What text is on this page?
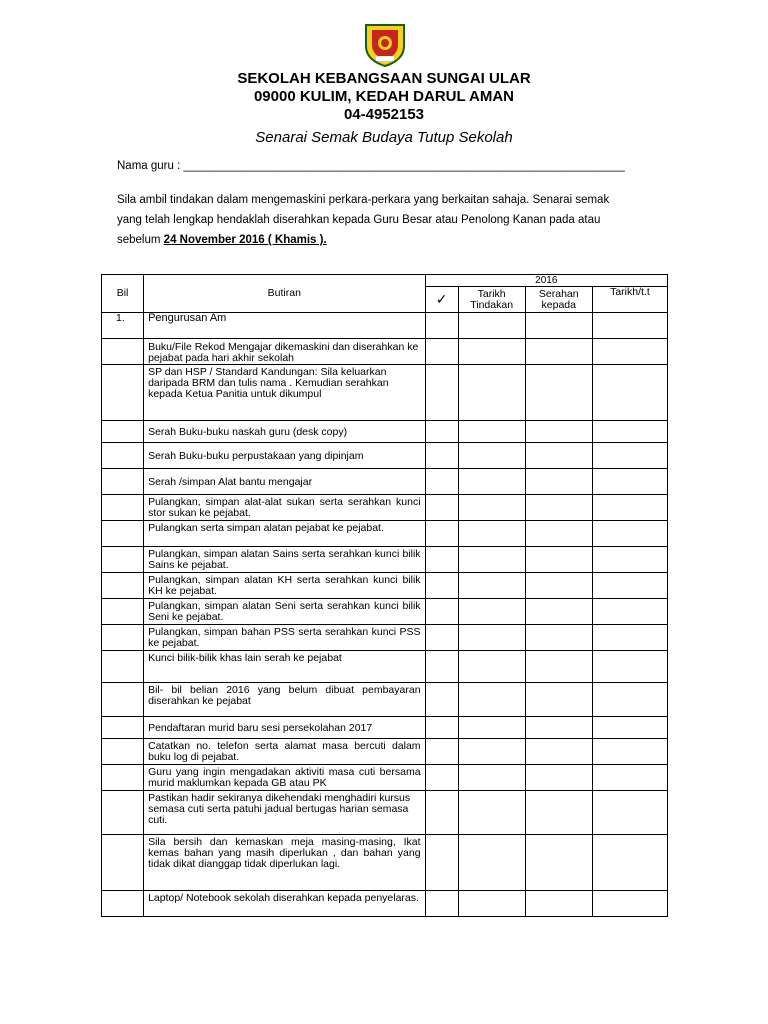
SEKOLAH KEBANGSAAN SUNGAI ULAR
09000 KULIM, KEDAH DARUL AMAN
04-4952153
Senarai Semak Budaya Tutup Sekolah
Nama guru : _____________________________________________________________________
Sila ambil tindakan dalam mengemaskini perkara-perkara yang berkaitan sahaja. Senarai semak yang telah lengkap hendaklah diserahkan kepada Guru Besar atau Penolong Kanan pada atau sebelum 24 November 2016 ( Khamis ).
Bil	Butiran	2016			
		✓	Tarikh Tindakan	Serahan kepada	Tarikh/t.t
1.	Pengurusan Am				
	Buku/File Rekod Mengajar dikemaskini dan diserahkan ke pejabat pada hari akhir sekolah				
	SP dan HSP / Standard Kandungan: Sila keluarkan daripada BRM dan tulis nama . Kemudian serahkan kepada Ketua Panitia untuk dikumpul				
	Serah Buku-buku naskah guru (desk copy)				
	Serah Buku-buku perpustakaan yang dipinjam				
	Serah /simpan Alat bantu mengajar				
	Pulangkan, simpan alat-alat sukan serta serahkan kunci stor sukan ke pejabat.				
	Pulangkan serta simpan alatan pejabat ke pejabat.				
	Pulangkan, simpan alatan Sains serta serahkan kunci bilik Sains ke pejabat.				
	Pulangkan, simpan alatan KH serta serahkan kunci bilik KH ke pejabat.				
	Pulangkan, simpan alatan Seni serta serahkan kunci bilik Seni ke pejabat.				
	Pulangkan, simpan bahan PSS serta serahkan kunci PSS ke pejabat.				
	Kunci bilik-bilik khas lain serah ke pejabat				
	Bil- bil belian 2016 yang belum dibuat pembayaran diserahkan ke pejabat				
	Pendaftaran murid baru sesi persekolahan 2017				
	Catatkan no. telefon serta alamat masa bercuti dalam buku log di pejabat.				
	Guru yang ingin mengadakan aktiviti masa cuti bersama murid maklumkan kepada GB atau PK				
	Pastikan hadir sekiranya dikehendaki menghadiri kursus semasa cuti serta patuhi jadual bertugas harian semasa cuti.				
	Sila bersih dan kemaskan meja masing-masing, Ikat kemas bahan yang masih diperlukan , dan bahan yang tidak dikat dianggap tidak diperlukan lagi.				
	Laptop/ Notebook sekolah diserahkan kepada penyelaras.				
